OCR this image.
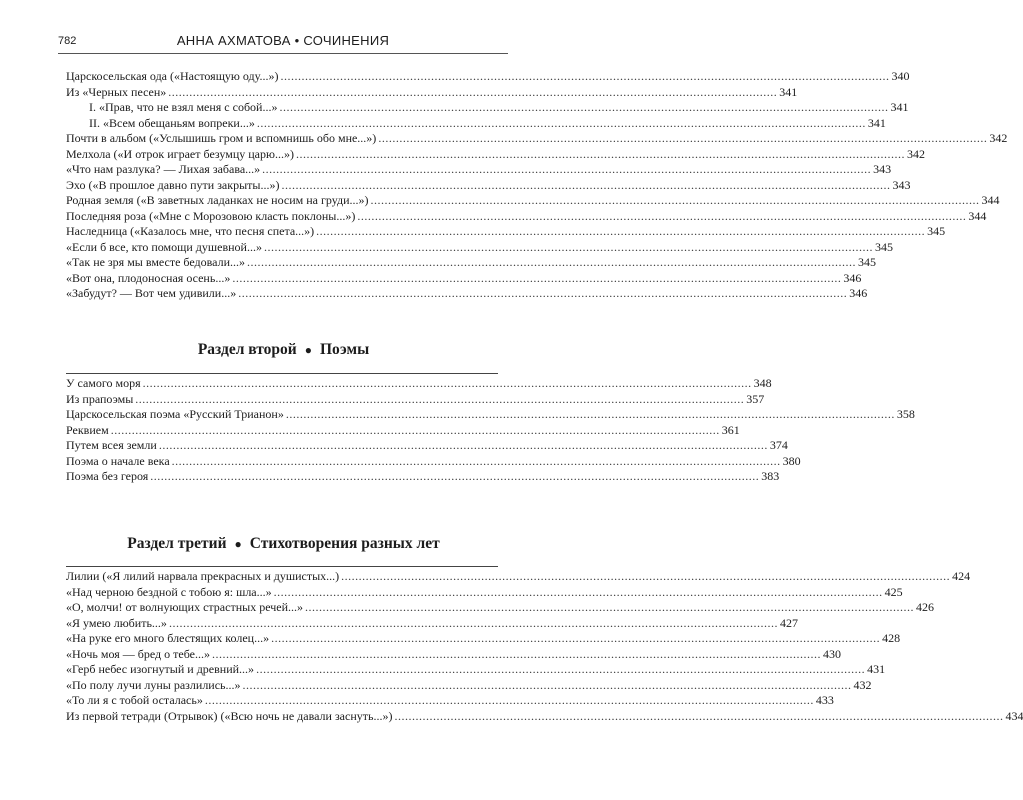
782	АННА АХМАТОВА • СОЧИНЕНИЯ
Царскосельская ода («Настоящую оду...») .....	340
Из «Черных песен» .....	341
I. «Прав, что не взял меня с собой...» .....	341
II. «Всем обещаньям вопреки...» .....	341
Почти в альбом («Услышишь гром и вспомнишь обо мне...») .....	342
Мелхола («И отрок играет безумцу царю...») .....	342
«Что нам разлука? — Лихая забава...» .....	343
Эхо («В прошлое давно пути закрыты...») .....	343
Родная земля («В заветных ладанках не носим на груди...») .....	344
Последняя роза («Мне с Морозовою класть поклоны...») .....	344
Наследница («Казалось мне, что песня спета...») .....	345
«Если б все, кто помощи душевной...» .....	345
«Так не зря мы вместе бедовали...» .....	345
«Вот она, плодоносная осень...» .....	346
«Забудут? — Вот чем удивили...» .....	346
Раздел второй ● Поэмы
У самого моря .....	348
Из прапоэмы .....	357
Царскосельская поэма «Русский Трианон» .....	358
Реквием .....	361
Путем всея земли .....	374
Поэма о начале века .....	380
Поэма без героя .....	383
Раздел третий ● Стихотворения разных лет
Лилии («Я лилий нарвала прекрасных и душистых...) .....	424
«Над черною бездной с тобою я: шла...» .....	425
«О, молчи! от волнующих страстных речей...» .....	426
«Я умею любить...» .....	427
«На руке его много блестящих колец...» .....	428
«Ночь моя — бред о тебе...» .....	430
«Герб небес изогнутый и древний...» .....	431
«По полу лучи луны разлились...» .....	432
«То ли я с тобой осталась» .....	433
Из первой тетради (Отрывок) («Всю ночь не давали заснуть...») .....	434
